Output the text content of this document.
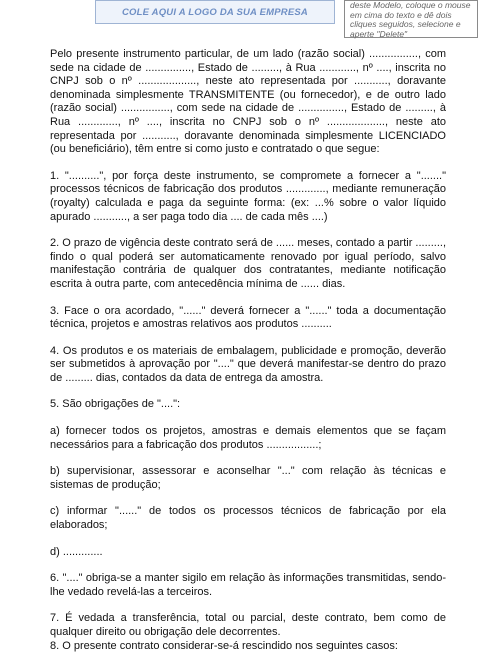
COLE AQUI A LOGO DA SUA EMPRESA
deste Modelo, coloque o mouse em cima do texto e dê dois cliques seguidos, selecione e aperte "Delete"

Pelo presente instrumento particular, de um lado (razão social) ................, com sede na cidade de ..............., Estado de ........., à Rua ............, nº ...., inscrita no CNPJ sob o nº ..................., neste ato representada por ..........., doravante denominada simplesmente TRANSMITENTE (ou fornecedor), e de outro lado (razão social) ................, com sede na cidade de ..............., Estado de ........., à Rua ............., nº ...., inscrita no CNPJ sob o nº ..................., neste ato representada por ..........., doravante denominada simplesmente LICENCIADO (ou beneficiário), têm entre si como justo e contratado o que segue:

1. "..........", por força deste instrumento, se compromete a fornecer a "......." processos técnicos de fabricação dos produtos ............., mediante remuneração (royalty) calculada e paga da seguinte forma: (ex: ...% sobre o valor líquido apurado ..........., a ser paga todo dia .... de cada mês ....)

2. O prazo de vigência deste contrato será de ...... meses, contado a partir ........., findo o qual poderá ser automaticamente renovado por igual período, salvo manifestação contrária de qualquer dos contratantes, mediante notificação escrita à outra parte, com antecedência mínima de ...... dias.

3. Face o ora acordado, "......" deverá fornecer a "......" toda a documentação técnica, projetos e amostras relativos aos produtos ..........

4. Os produtos e os materiais de embalagem, publicidade e promoção, deverão ser submetidos à aprovação por "...." que deverá manifestar-se dentro do prazo de ......... dias, contados da data de entrega da amostra.

5. São obrigações de "....":

a) fornecer todos os projetos, amostras e demais elementos que se façam necessários para a fabricação dos produtos .................;

b) supervisionar, assessorar e aconselhar "..." com relação às técnicas e sistemas de produção;

c) informar "......" de todos os processos técnicos de fabricação por ela elaborados;

d) .............

6. "...." obriga-se a manter sigilo em relação às informações transmitidas, sendo-lhe vedado revelá-las a terceiros.

7. É vedada a transferência, total ou parcial, deste contrato, bem como de qualquer direito ou obrigação dele decorrentes.

8. O presente contrato considerar-se-á rescindido nos seguintes casos:
